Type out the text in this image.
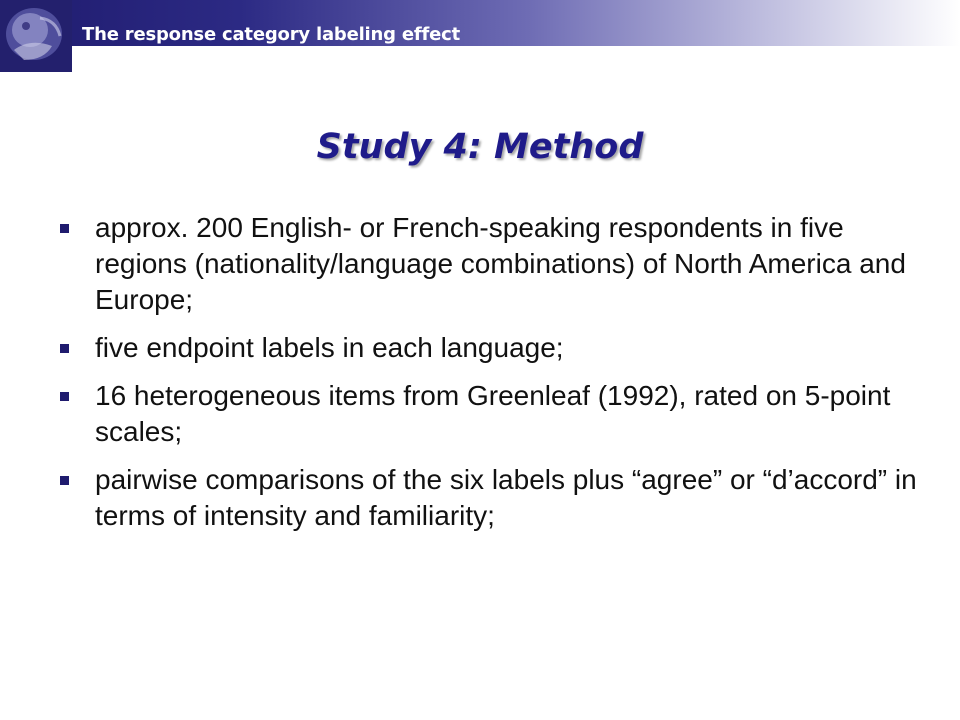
The response category labeling effect
Study 4: Method
approx. 200 English- or French-speaking respondents in five regions (nationality/language combinations) of North America and Europe;
five endpoint labels in each language;
16 heterogeneous items from Greenleaf (1992), rated on 5-point scales;
pairwise comparisons of the six labels plus “agree” or “d’accord” in terms of intensity and familiarity;
